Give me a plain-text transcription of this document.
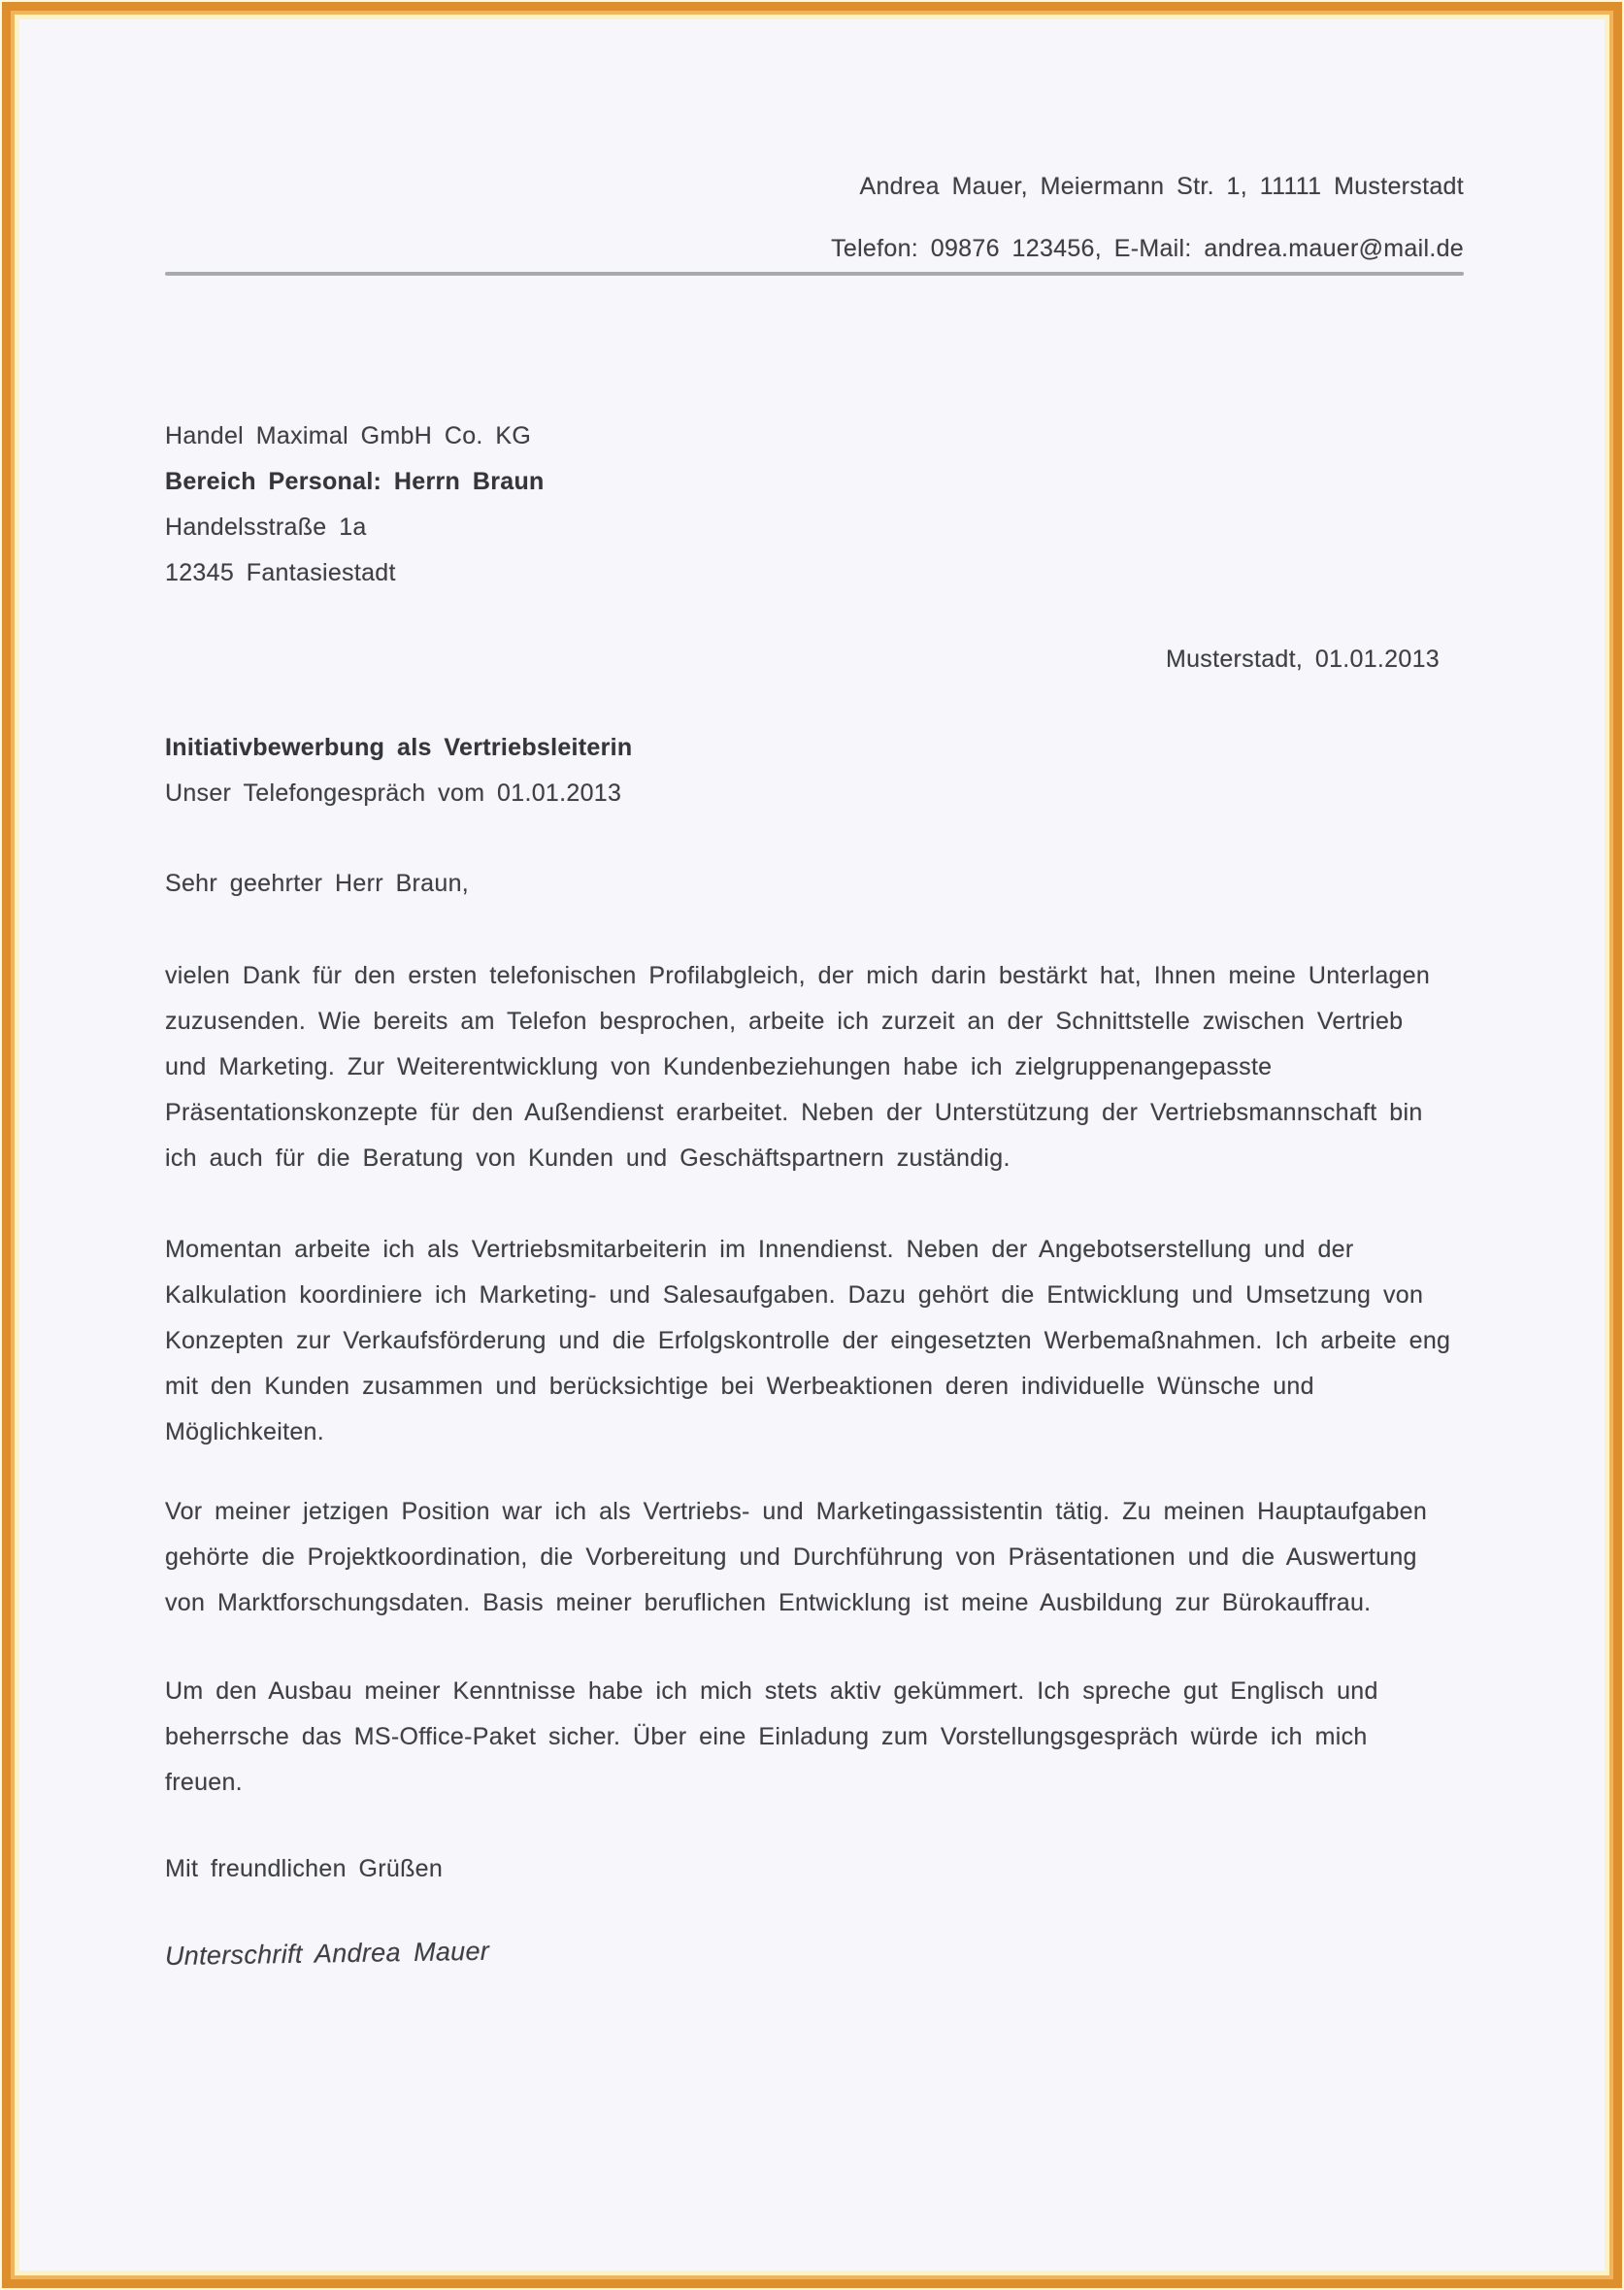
Andrea Mauer, Meiermann Str. 1, 11111 Musterstadt
Telefon: 09876 123456, E-Mail: andrea.mauer@mail.de
Handel Maximal GmbH Co. KG
Bereich Personal: Herrn Braun
Handelsstraße 1a
12345 Fantasiestadt
Musterstadt, 01.01.2013
Initiativbewerbung als Vertriebsleiterin
Unser Telefongespräch vom 01.01.2013
Sehr geehrter Herr Braun,
vielen Dank für den ersten telefonischen Profilabgleich, der mich darin bestärkt hat, Ihnen meine Unterlagen
zuzusenden. Wie bereits am Telefon besprochen, arbeite ich zurzeit an der Schnittstelle zwischen Vertrieb
und Marketing. Zur Weiterentwicklung von Kundenbeziehungen habe ich zielgruppenangepasste
Präsentationskonzepte für den Außendienst erarbeitet. Neben der Unterstützung der Vertriebsmannschaft bin
ich auch für die Beratung von Kunden und Geschäftspartnern zuständig.
Momentan arbeite ich als Vertriebsmitarbeiterin im Innendienst. Neben der Angebotserstellung und der
Kalkulation koordiniere ich Marketing- und Salesaufgaben. Dazu gehört die Entwicklung und Umsetzung von
Konzepten zur Verkaufsförderung und die Erfolgskontrolle der eingesetzten Werbemaßnahmen. Ich arbeite eng
mit den Kunden zusammen und berücksichtige bei Werbeaktionen deren individuelle Wünsche und
Möglichkeiten.
Vor meiner jetzigen Position war ich als Vertriebs- und Marketingassistentin tätig. Zu meinen Hauptaufgaben
gehörte die Projektkoordination, die Vorbereitung und Durchführung von Präsentationen und die Auswertung
von Marktforschungsdaten. Basis meiner beruflichen Entwicklung ist meine Ausbildung zur Bürokauffrau.
Um den Ausbau meiner Kenntnisse habe ich mich stets aktiv gekümmert. Ich spreche gut Englisch und
beherrsche das MS-Office-Paket sicher. Über eine Einladung zum Vorstellungsgespräch würde ich mich
freuen.
Mit freundlichen Grüßen
Unterschrift Andrea Mauer
